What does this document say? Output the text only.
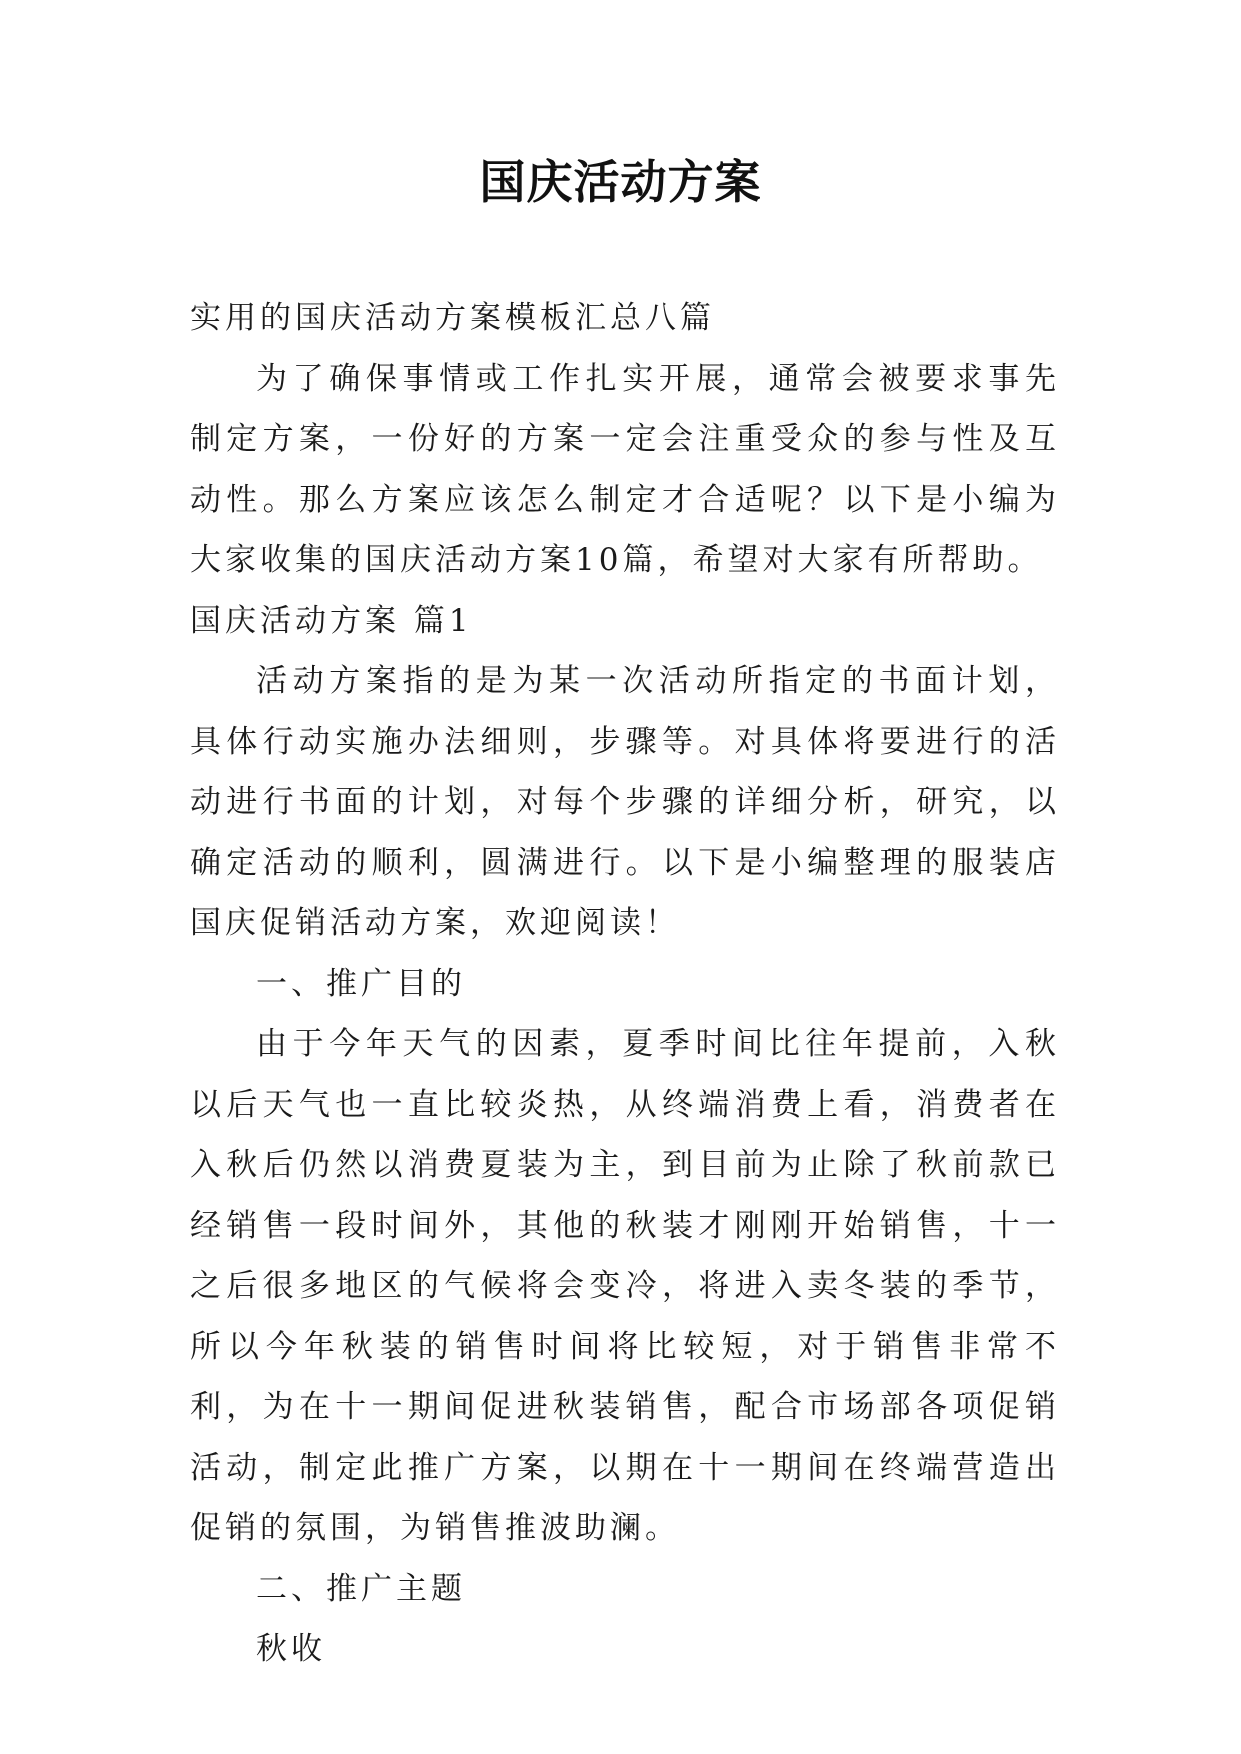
国庆活动方案

实用的国庆活动方案模板汇总八篇

为了确保事情或工作扎实开展，通常会被要求事先制定方案，一份好的方案一定会注重受众的参与性及互动性。那么方案应该怎么制定才合适呢？以下是小编为大家收集的国庆活动方案10篇，希望对大家有所帮助。

国庆活动方案 篇1

活动方案指的是为某一次活动所指定的书面计划，具体行动实施办法细则，步骤等。对具体将要进行的活动进行书面的计划，对每个步骤的详细分析，研究，以确定活动的顺利，圆满进行。以下是小编整理的服装店国庆促销活动方案，欢迎阅读！

一、推广目的

由于今年天气的因素，夏季时间比往年提前，入秋以后天气也一直比较炎热，从终端消费上看，消费者在入秋后仍然以消费夏装为主，到目前为止除了秋前款已经销售一段时间外，其他的秋装才刚刚开始销售，十一之后很多地区的气候将会变冷，将进入卖冬装的季节，所以今年秋装的销售时间将比较短，对于销售非常不利，为在十一期间促进秋装销售，配合市场部各项促销活动，制定此推广方案，以期在十一期间在终端营造出促销的氛围，为销售推波助澜。

二、推广主题

秋收
